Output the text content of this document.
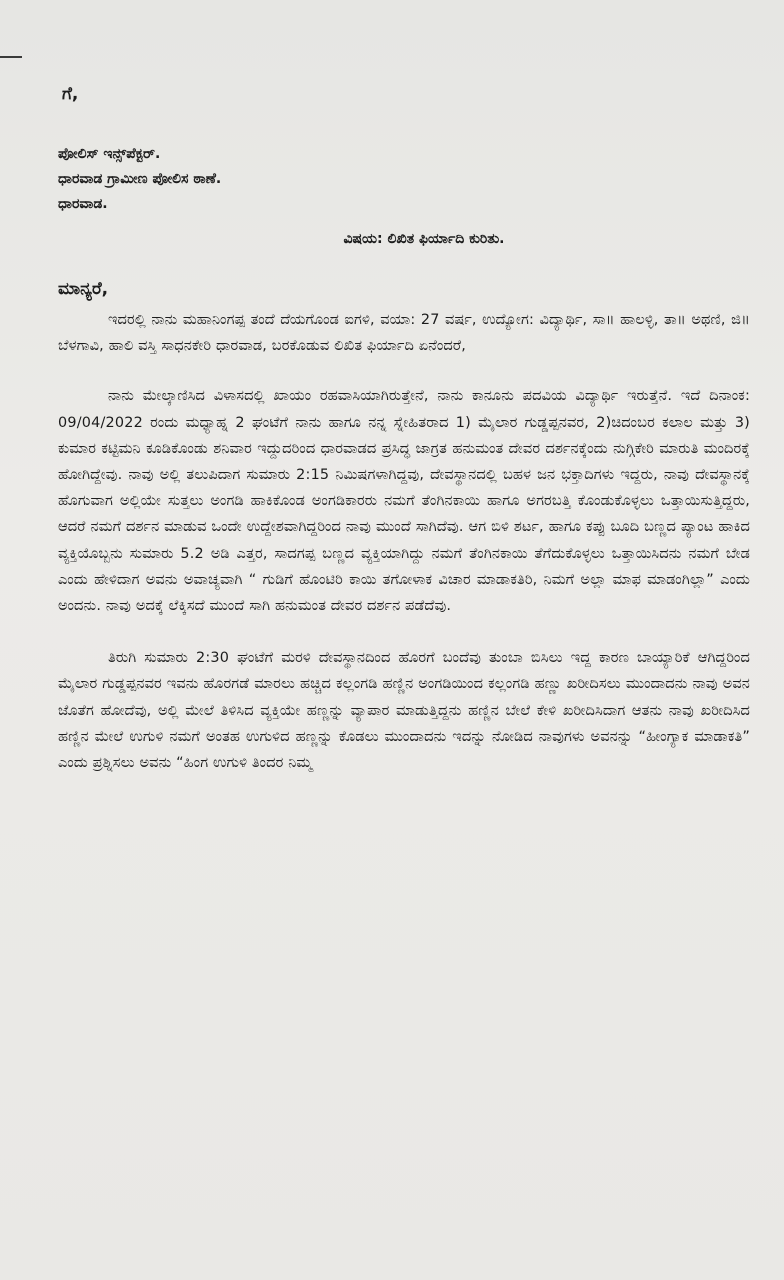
ಗೆ,

ಪೋಲಿಸ್ ಇನ್ಸ್‌ಪೆಕ್ಟರ್.

ಧಾರವಾಡ ಗ್ರಾಮೀಣ ಪೋಲಿಸ ಠಾಣೆ.

ಧಾರವಾಡ.

ವಿಷಯ: ಲಿಖಿತ ಫಿರ್ಯಾದಿ ಕುರಿತು.
ಮಾನ್ಯರೆ,

ಇದರಲ್ಲಿ ನಾನು ಮಹಾನಿಂಗಪ್ಪ ತಂದೆ ದೆಯಗೊಂಡ ಐಗಳಿ, ವಯಾ: 27 ವರ್ಷ, ಉದ್ಯೋಗ: ವಿದ್ಯಾರ್ಥಿ, ಸಾ॥ ಹಾಲಳ್ಳಿ, ತಾ॥ ಅಥಣಿ, ಜಿ॥ ಬೆಳಗಾವಿ, ಹಾಲಿ ವಸ್ತಿ ಸಾಧನಕೇರಿ ಧಾರವಾಡ, ಬರಕೊಡುವ ಲಿಖಿತ ಫಿರ್ಯಾದಿ ಏನೆಂದರೆ,

ನಾನು ಮೇಲ್ಕಾಣಿಸಿದ ವಿಳಾಸದಲ್ಲಿ ಖಾಯಂ ರಹವಾಸಿಯಾಗಿರುತ್ತೇನೆ, ನಾನು ಕಾನೂನು ಪದವಿಯ ವಿದ್ಯಾರ್ಥಿ ಇರುತ್ತೆನೆ. ಇದೆ ದಿನಾಂಕ: 09/04/2022 ರಂದು ಮಧ್ಯಾಹ್ನ 2 ಘಂಟೆಗೆ ನಾನು ಹಾಗೂ ನನ್ನ ಸ್ನೇಹಿತರಾದ 1) ಮೈಲಾರ ಗುಡ್ಡಪ್ಪನವರ, 2)ಚಿದಂಬರ ಕಲಾಲ ಮತ್ತು 3) ಕುಮಾರ ಕಟ್ಟಿಮನಿ ಕೂಡಿಕೊಂಡು ಶನಿವಾರ ಇದ್ದುದರಿಂದ ಧಾರವಾಡದ ಪ್ರಸಿದ್ಧ ಜಾಗ್ರತ ಹನುಮಂತ ದೇವರ ದರ್ಶನಕ್ಕೆಂದು ನುಗ್ಗಿಕೇರಿ ಮಾರುತಿ ಮಂದಿರಕ್ಕೆ ಹೋಗಿದ್ದೇವು. ನಾವು ಅಲ್ಲಿ ತಲುಪಿದಾಗ ಸುಮಾರು 2:15 ನಿಮಿಷಗಳಾಗಿದ್ದವು, ದೇವಸ್ಥಾನದಲ್ಲಿ ಬಹಳ ಜನ ಭಕ್ತಾದಿಗಳು ಇದ್ದರು, ನಾವು ದೇವಸ್ಥಾನಕ್ಕೆ ಹೊಗುವಾಗ ಅಲ್ಲಿಯೇ ಸುತ್ತಲು ಅಂಗಡಿ ಹಾಕಿಕೊಂಡ ಅಂಗಡಿಕಾರರು ನಮಗೆ ತೆಂಗಿನಕಾಯಿ ಹಾಗೂ ಅಗರಬತ್ತಿ ಕೊಂಡುಕೊಳ್ಳಲು ಒತ್ತಾಯಿಸುತ್ತಿದ್ದರು, ಆದರೆ ನಮಗೆ ದರ್ಶನ ಮಾಡುವ ಒಂದೇ ಉದ್ದೇಶವಾಗಿದ್ದರಿಂದ ನಾವು ಮುಂದೆ ಸಾಗಿದೆವು. ಆಗ ಬಿಳಿ ಶರ್ಟ, ಹಾಗೂ ಕಪ್ಪು ಬೂದಿ ಬಣ್ಣದ ಪ್ಯಾಂಟ ಹಾಕಿದ ವ್ಯಕ್ತಿಯೊಬ್ಬನು ಸುಮಾರು 5.2 ಅಡಿ ಎತ್ತರ, ಸಾದಗಪ್ಪ ಬಣ್ಣದ ವ್ಯಕ್ತಿಯಾಗಿದ್ದು ನಮಗೆ ತೆಂಗಿನಕಾಯಿ ತೆಗೆದುಕೊಳ್ಳಲು ಒತ್ತಾಯಿಸಿದನು ನಮಗೆ ಬೇಡ ಎಂದು ಹೇಳಿದಾಗ ಅವನು ಅವಾಚ್ಯವಾಗಿ “ ಗುಡಿಗೆ ಹೊಂಟಿರಿ ಕಾಯಿ ತಗೋಳಾಕ ವಿಚಾರ ಮಾಡಾಕತಿರಿ, ನಿಮಗೆ ಅಲ್ಲಾ ಮಾಫ ಮಾಡಂಗಿಲ್ಲಾ” ಎಂದು ಅಂದನು. ನಾವು ಅದಕ್ಕೆ ಲೆಕ್ಕಿಸದೆ ಮುಂದೆ ಸಾಗಿ ಹನುಮಂತ ದೇವರ ದರ್ಶನ ಪಡೆದೆವು.

ತಿರುಗಿ ಸುಮಾರು 2:30 ಘಂಟೆಗೆ ಮರಳಿ ದೇವಸ್ಥಾನದಿಂದ ಹೊರಗೆ ಬಂದೆವು ತುಂಬಾ ಬಿಸಿಲು ಇದ್ದ ಕಾರಣ ಬಾಯ್ಯಾರಿಕೆ ಆಗಿದ್ದರಿಂದ ಮೈಲಾರ ಗುಡ್ಡಪ್ಪನವರ ಇವನು ಹೊರಗಡೆ ಮಾರಲು ಹಚ್ಚಿದ ಕಲ್ಲಂಗಡಿ ಹಣ್ಣಿನ ಅಂಗಡಿಯಿಂದ ಕಲ್ಲಂಗಡಿ ಹಣ್ಣು ಖರೀದಿಸಲು ಮುಂದಾದನು ನಾವು ಅವನ ಜೊತೆಗ ಹೋದೆವು, ಅಲ್ಲಿ ಮೇಲೆ ತಿಳಿಸಿದ ವ್ಯಕ್ತಿಯೇ ಹಣ್ಣನ್ನು ವ್ಯಾಪಾರ ಮಾಡುತ್ತಿದ್ದನು ಹಣ್ಣಿನ ಬೇಲೆ ಕೇಳಿ ಖರೀದಿಸಿದಾಗ ಆತನು ನಾವು ಖರೀದಿಸಿದ ಹಣ್ಣಿನ ಮೇಲೆ ಉಗುಳಿ ನಮಗೆ ಅಂತಹ ಉಗುಳಿದ ಹಣ್ಣನ್ನು ಕೊಡಲು ಮುಂದಾದನು ಇದನ್ನು ನೋಡಿದ ನಾವುಗಳು ಅವನನ್ನು “ಹೀಂಗ್ಯಾಕ ಮಾಡಾಕತಿ” ಎಂದು ಪ್ರಶ್ನಿಸಲು ಅವನು “ಹಿಂಗ ಉಗುಳಿ ತಿಂದರ ನಿಮ್ಮ
